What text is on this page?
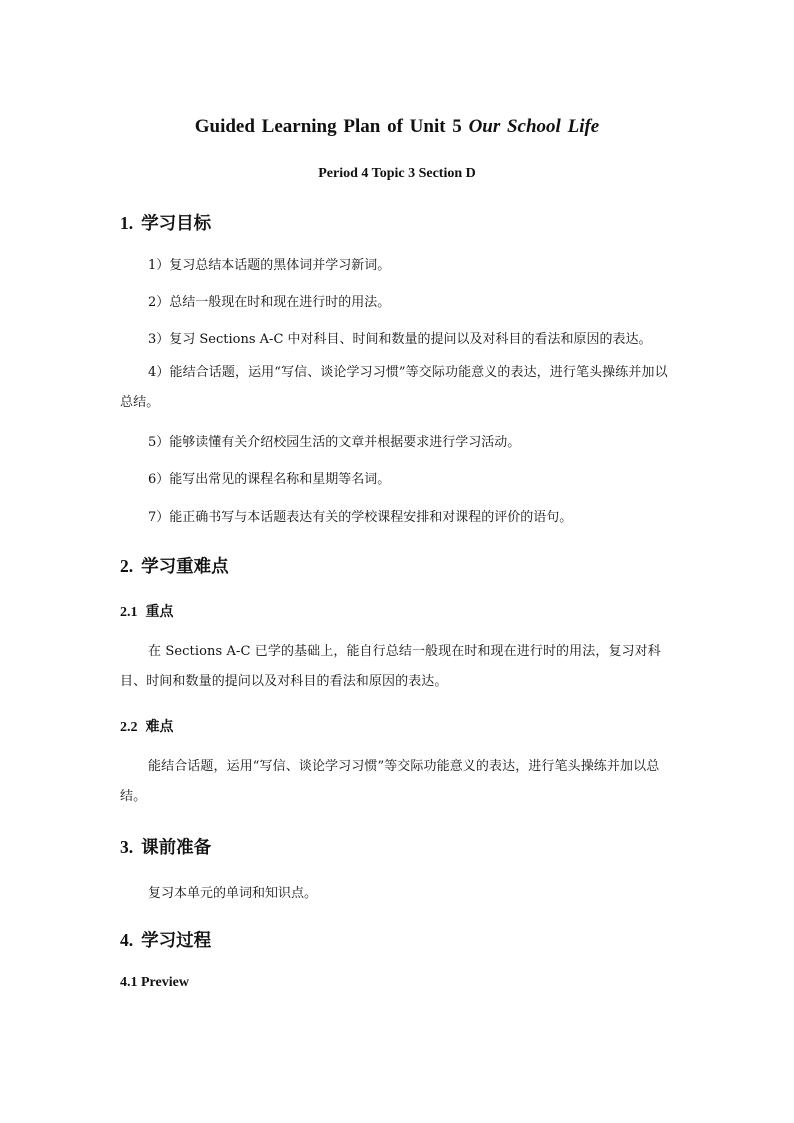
Guided Learning Plan of Unit 5 Our School Life
Period 4 Topic 3 Section D
1. 学习目标
1）复习总结本话题的黑体词并学习新词。
2）总结一般现在时和现在进行时的用法。
3）复习 Sections A-C 中对科目、时间和数量的提问以及对科目的看法和原因的表达。
4）能结合话题，运用“写信、谈论学习习惯”等交际功能意义的表达，进行笔头操练并加以总结。
5）能够读懂有关介绍校园生活的文章并根据要求进行学习活动。
6）能写出常见的课程名称和星期等名词。
7）能正确书写与本话题表达有关的学校课程安排和对课程的评价的语句。
2. 学习重难点
2.1 重点
在 Sections A-C 已学的基础上，能自行总结一般现在时和现在进行时的用法，复习对科目、时间和数量的提问以及对科目的看法和原因的表达。
2.2 难点
能结合话题，运用“写信、谈论学习习惯”等交际功能意义的表达，进行笔头操练并加以总结。
3. 课前准备
复习本单元的单词和知识点。
4. 学习过程
4.1 Preview
